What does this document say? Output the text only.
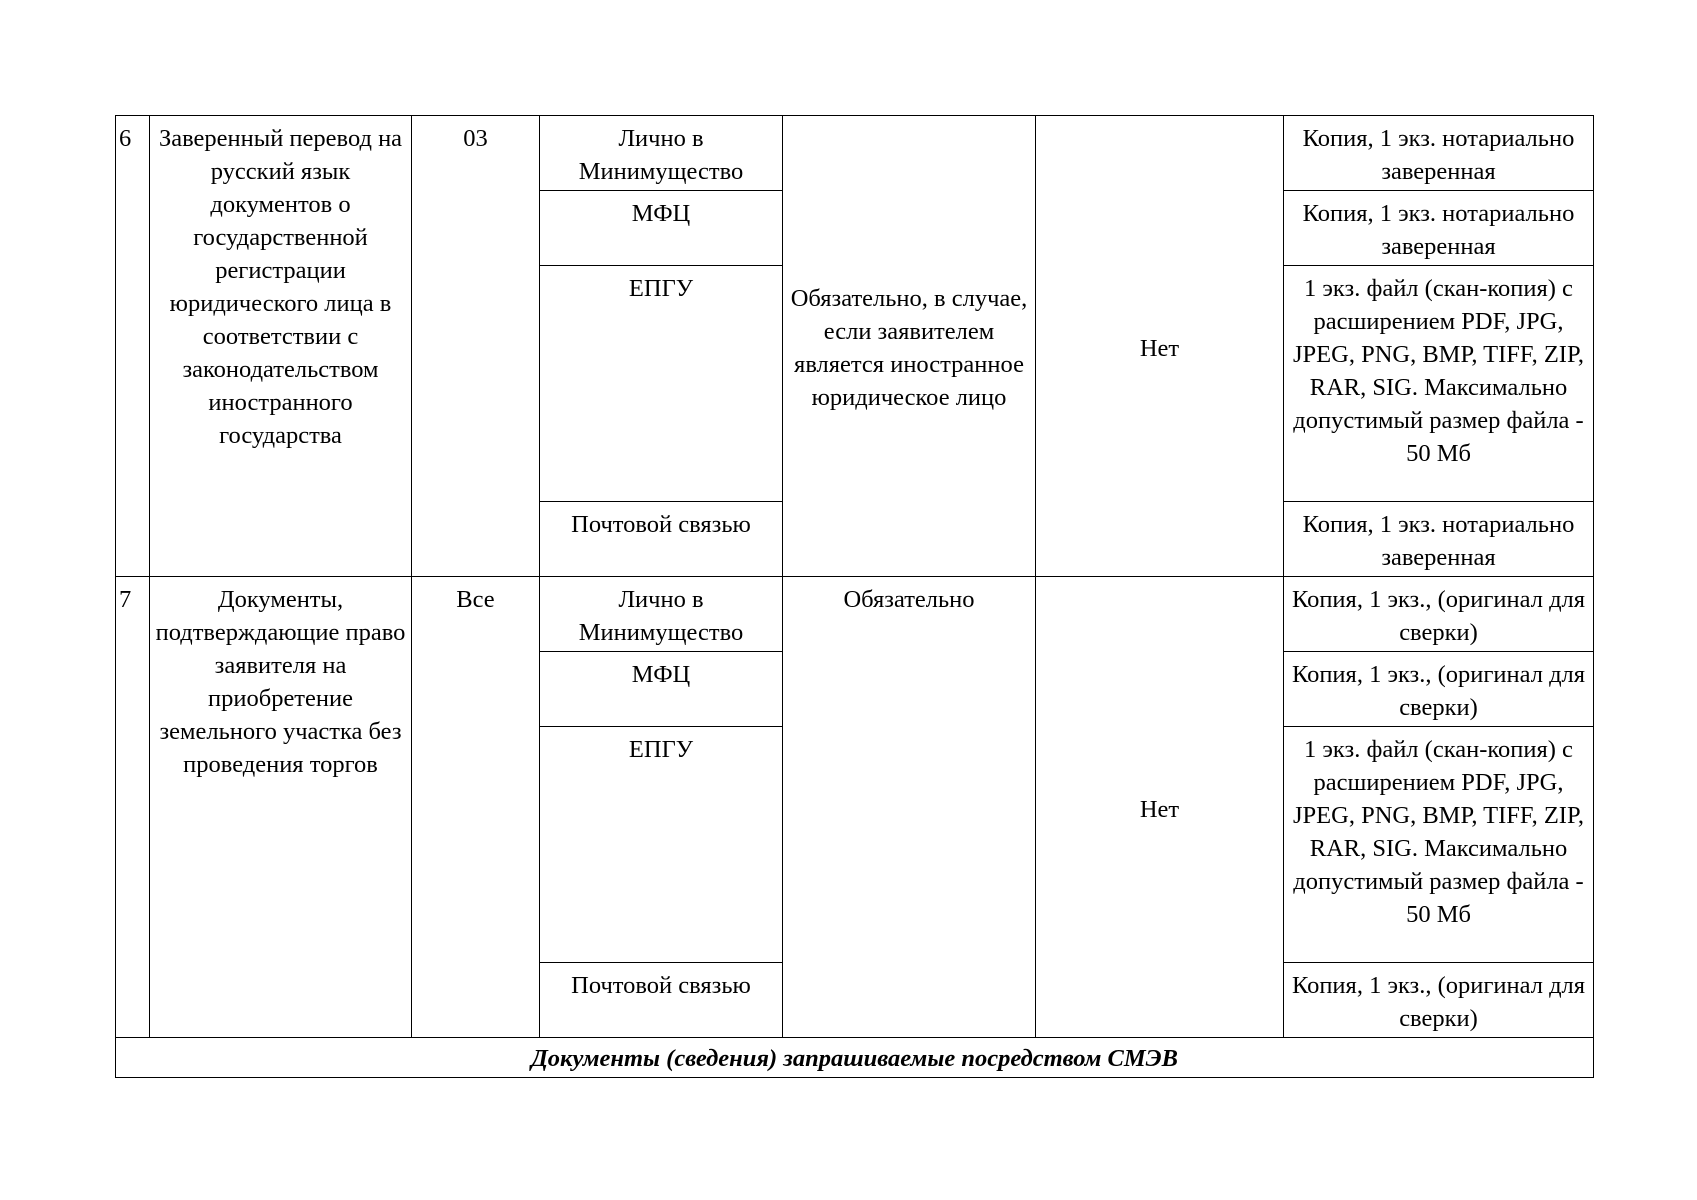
6	Заверенный перевод на русский язык документов о государственной регистрации юридического лица в соответствии с законодательством иностранного государства	03	Лично в Минимущество	Обязательно, в случае, если заявителем является иностранное юридическое лицо	Нет	Копия, 1 экз. нотариально заверенная
			МФЦ			Копия, 1 экз. нотариально заверенная
			ЕПГУ			1 экз. файл (скан-копия) с расширением PDF, JPG, JPEG, PNG, BMP, TIFF, ZIP, RAR, SIG. Максимально допустимый размер файла - 50 Мб
			Почтовой связью			Копия, 1 экз. нотариально заверенная
7	Документы, подтверждающие право заявителя на приобретение земельного участка без проведения торгов	Все	Лично в Минимущество	Обязательно	Нет	Копия, 1 экз., (оригинал для сверки)
			МФЦ			Копия, 1 экз., (оригинал для сверки)
			ЕПГУ			1 экз. файл (скан-копия) с расширением PDF, JPG, JPEG, PNG, BMP, TIFF, ZIP, RAR, SIG. Максимально допустимый размер файла - 50 Мб
			Почтовой связью			Копия, 1 экз., (оригинал для сверки)
Документы (сведения) запрашиваемые посредством СМЭВ						
